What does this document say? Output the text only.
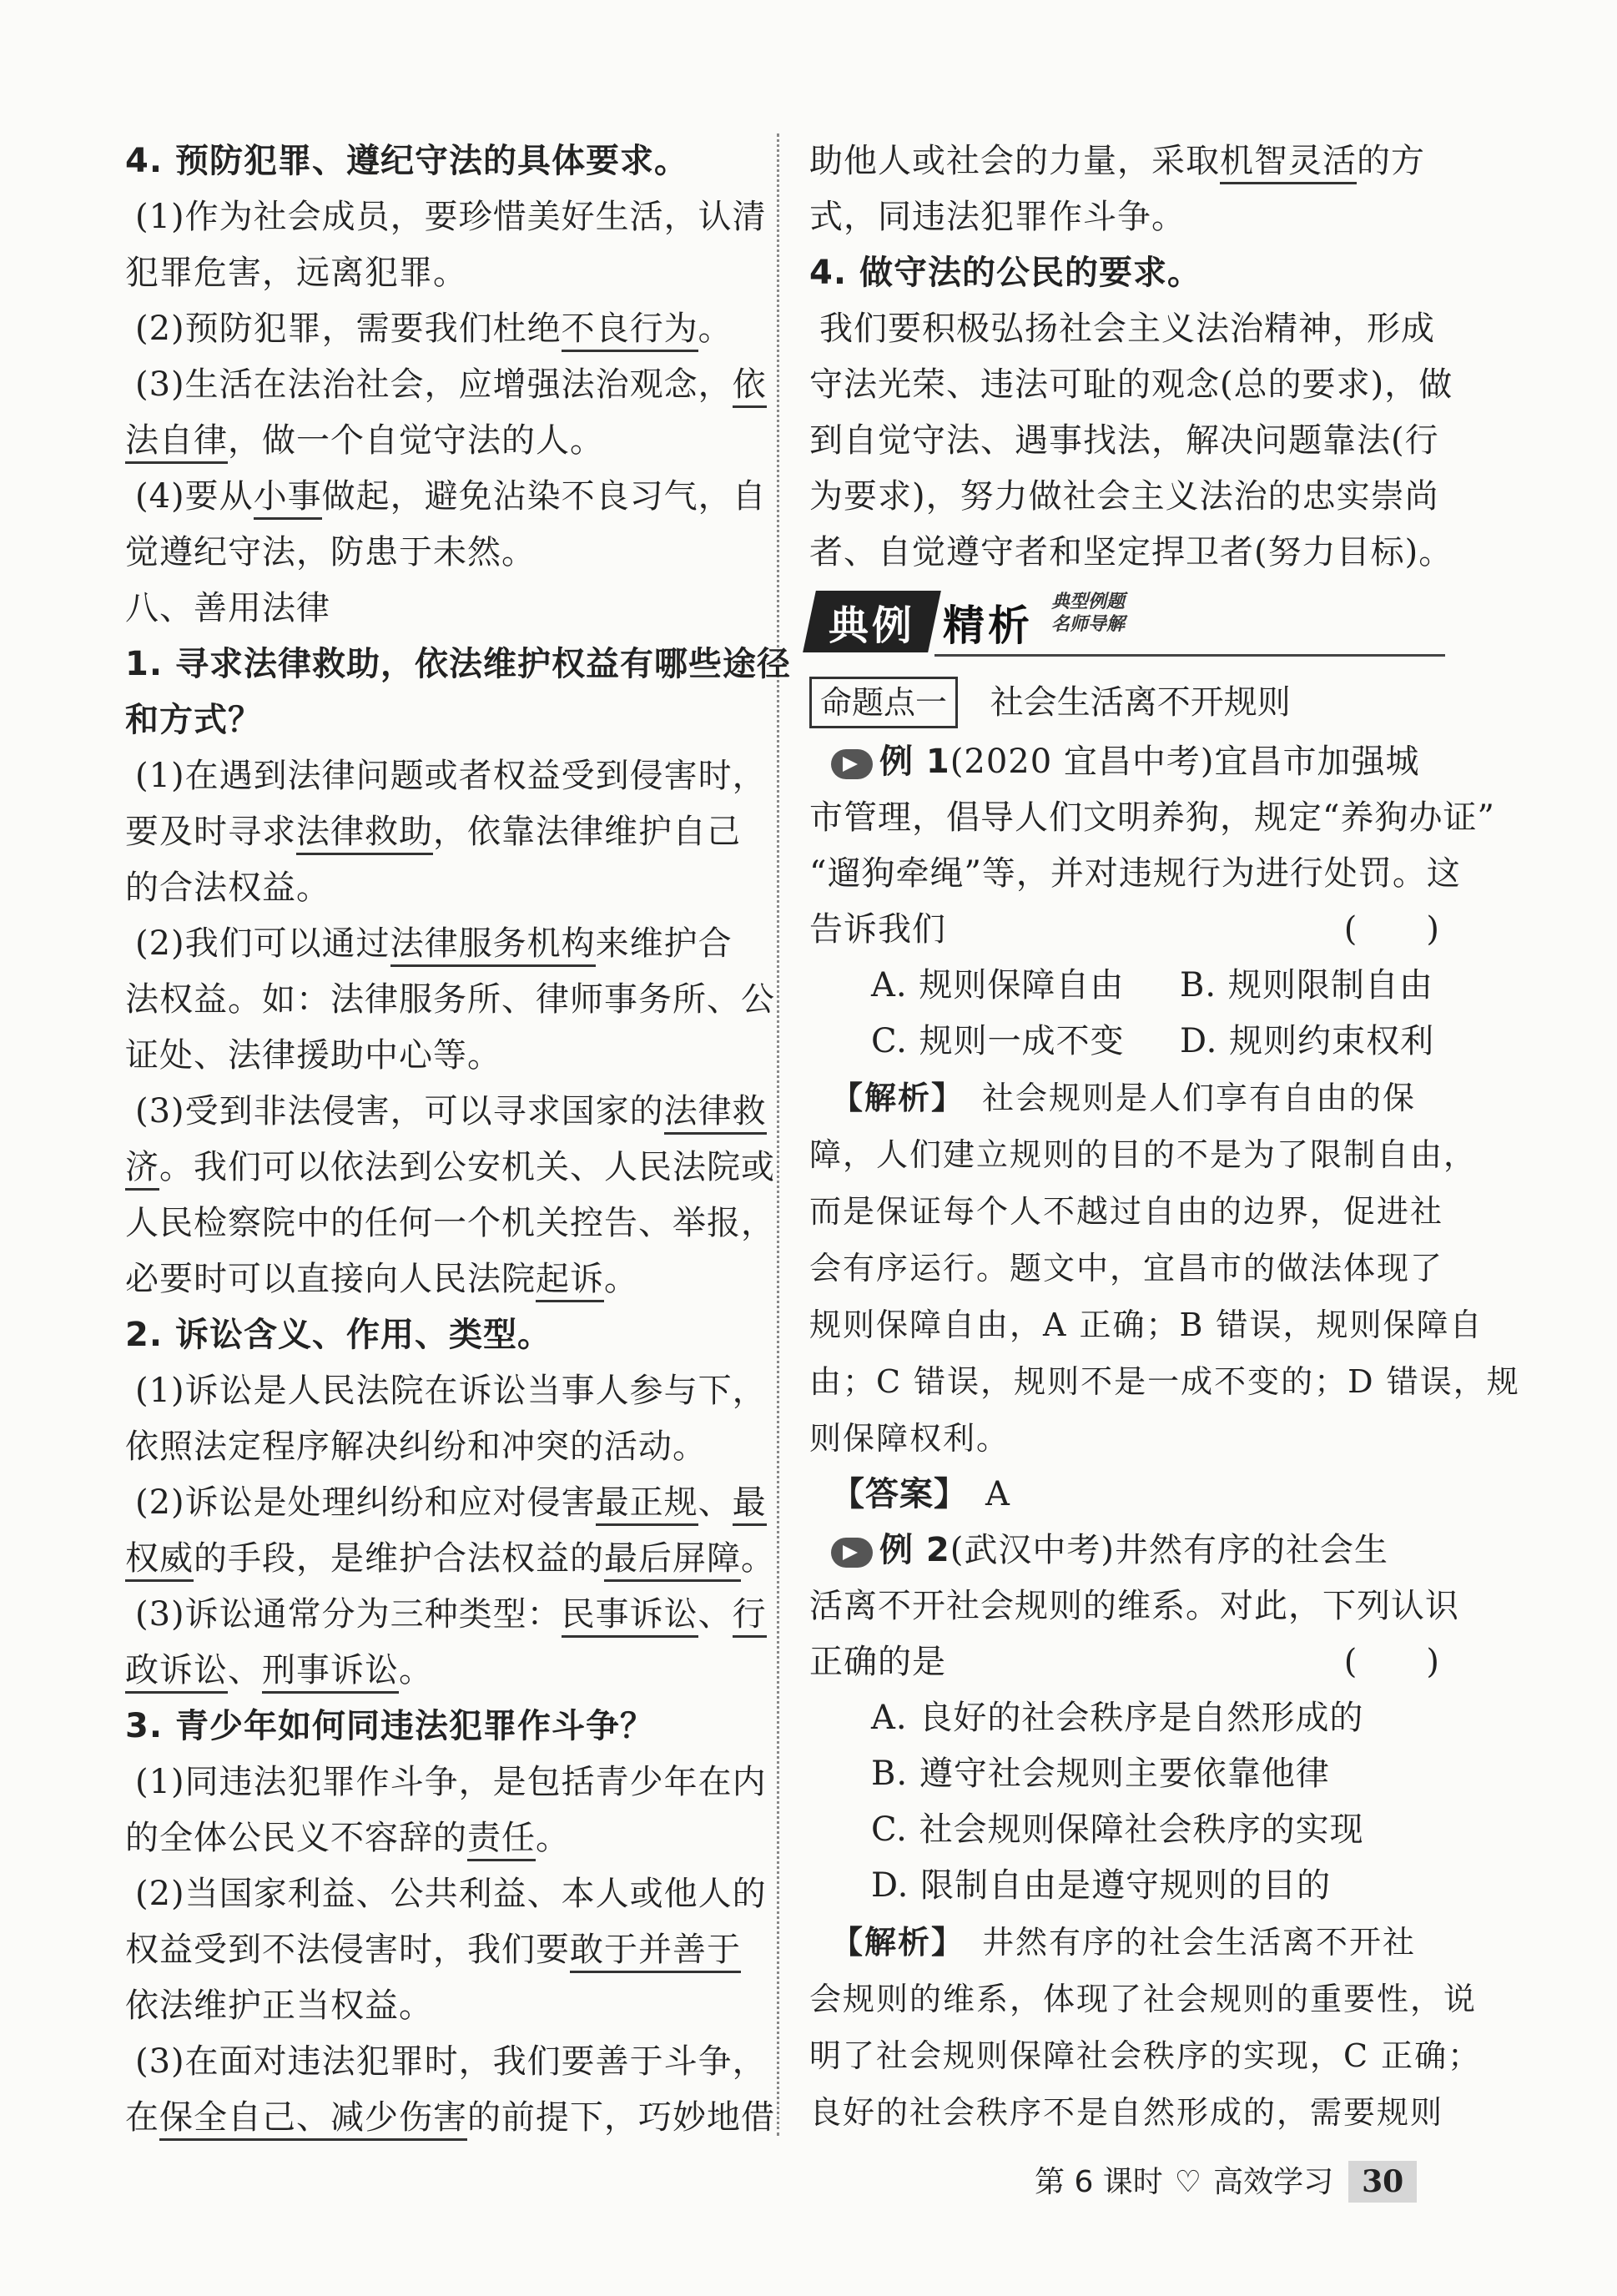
4. 预防犯罪、遵纪守法的具体要求。
(1)作为社会成员，要珍惜美好生活，认清
犯罪危害，远离犯罪。
(2)预防犯罪，需要我们杜绝不良行为。
(3)生活在法治社会，应增强法治观念，依
法自律，做一个自觉守法的人。
(4)要从小事做起，避免沾染不良习气，自
觉遵纪守法，防患于未然。
八、善用法律
1. 寻求法律救助，依法维护权益有哪些途径
和方式？
(1)在遇到法律问题或者权益受到侵害时，
要及时寻求法律救助，依靠法律维护自己
的合法权益。
(2)我们可以通过法律服务机构来维护合
法权益。如：法律服务所、律师事务所、公
证处、法律援助中心等。
(3)受到非法侵害，可以寻求国家的法律救
济。我们可以依法到公安机关、人民法院或
人民检察院中的任何一个机关控告、举报，
必要时可以直接向人民法院起诉。
2. 诉讼含义、作用、类型。
(1)诉讼是人民法院在诉讼当事人参与下，
依照法定程序解决纠纷和冲突的活动。
(2)诉讼是处理纠纷和应对侵害最正规、最
权威的手段，是维护合法权益的最后屏障。
(3)诉讼通常分为三种类型：民事诉讼、行
政诉讼、刑事诉讼。
3. 青少年如何同违法犯罪作斗争？
(1)同违法犯罪作斗争，是包括青少年在内
的全体公民义不容辞的责任。
(2)当国家利益、公共利益、本人或他人的
权益受到不法侵害时，我们要敢于并善于
依法维护正当权益。
(3)在面对违法犯罪时，我们要善于斗争，
在保全自己、减少伤害的前提下，巧妙地借
助他人或社会的力量，采取机智灵活的方
式，同违法犯罪作斗争。
4. 做守法的公民的要求。
我们要积极弘扬社会主义法治精神，形成
守法光荣、违法可耻的观念(总的要求)，做
到自觉守法、遇事找法，解决问题靠法(行
为要求)，努力做社会主义法治的忠实崇尚
者、自觉遵守者和坚定捍卫者(努力目标)。
典例 精析 典型例题
名师导解
命题点一 社会生活离不开规则
例 1(2020 宜昌中考)宜昌市加强城
市管理，倡导人们文明养狗，规定“养狗办证”
“遛狗牵绳”等，并对违规行为进行处罚。这
告诉我们	(　　)
A. 规则保障自由 B. 规则限制自由
C. 规则一成不变 D. 规则约束权利
【解析】　 社会规则是人们享有自由的保
障，人们建立规则的目的不是为了限制自由，
而是保证每个人不越过自由的边界，促进社
会有序运行。题文中，宜昌市的做法体现了
规则保障自由，A 正确；B 错误，规则保障自
由；C 错误，规则不是一成不变的；D 错误，规
则保障权利。
【答案】　 A
例 2(武汉中考)井然有序的社会生
活离不开社会规则的维系。对此，下列认识
正确的是	(　　)
A. 良好的社会秩序是自然形成的
B. 遵守社会规则主要依靠他律
C. 社会规则保障社会秩序的实现
D. 限制自由是遵守规则的目的
【解析】　 井然有序的社会生活离不开社
会规则的维系，体现了社会规则的重要性，说
明了社会规则保障社会秩序的实现，C 正确；
良好的社会秩序不是自然形成的，需要规则
第 6 课时 ♡ 高效学习 30
